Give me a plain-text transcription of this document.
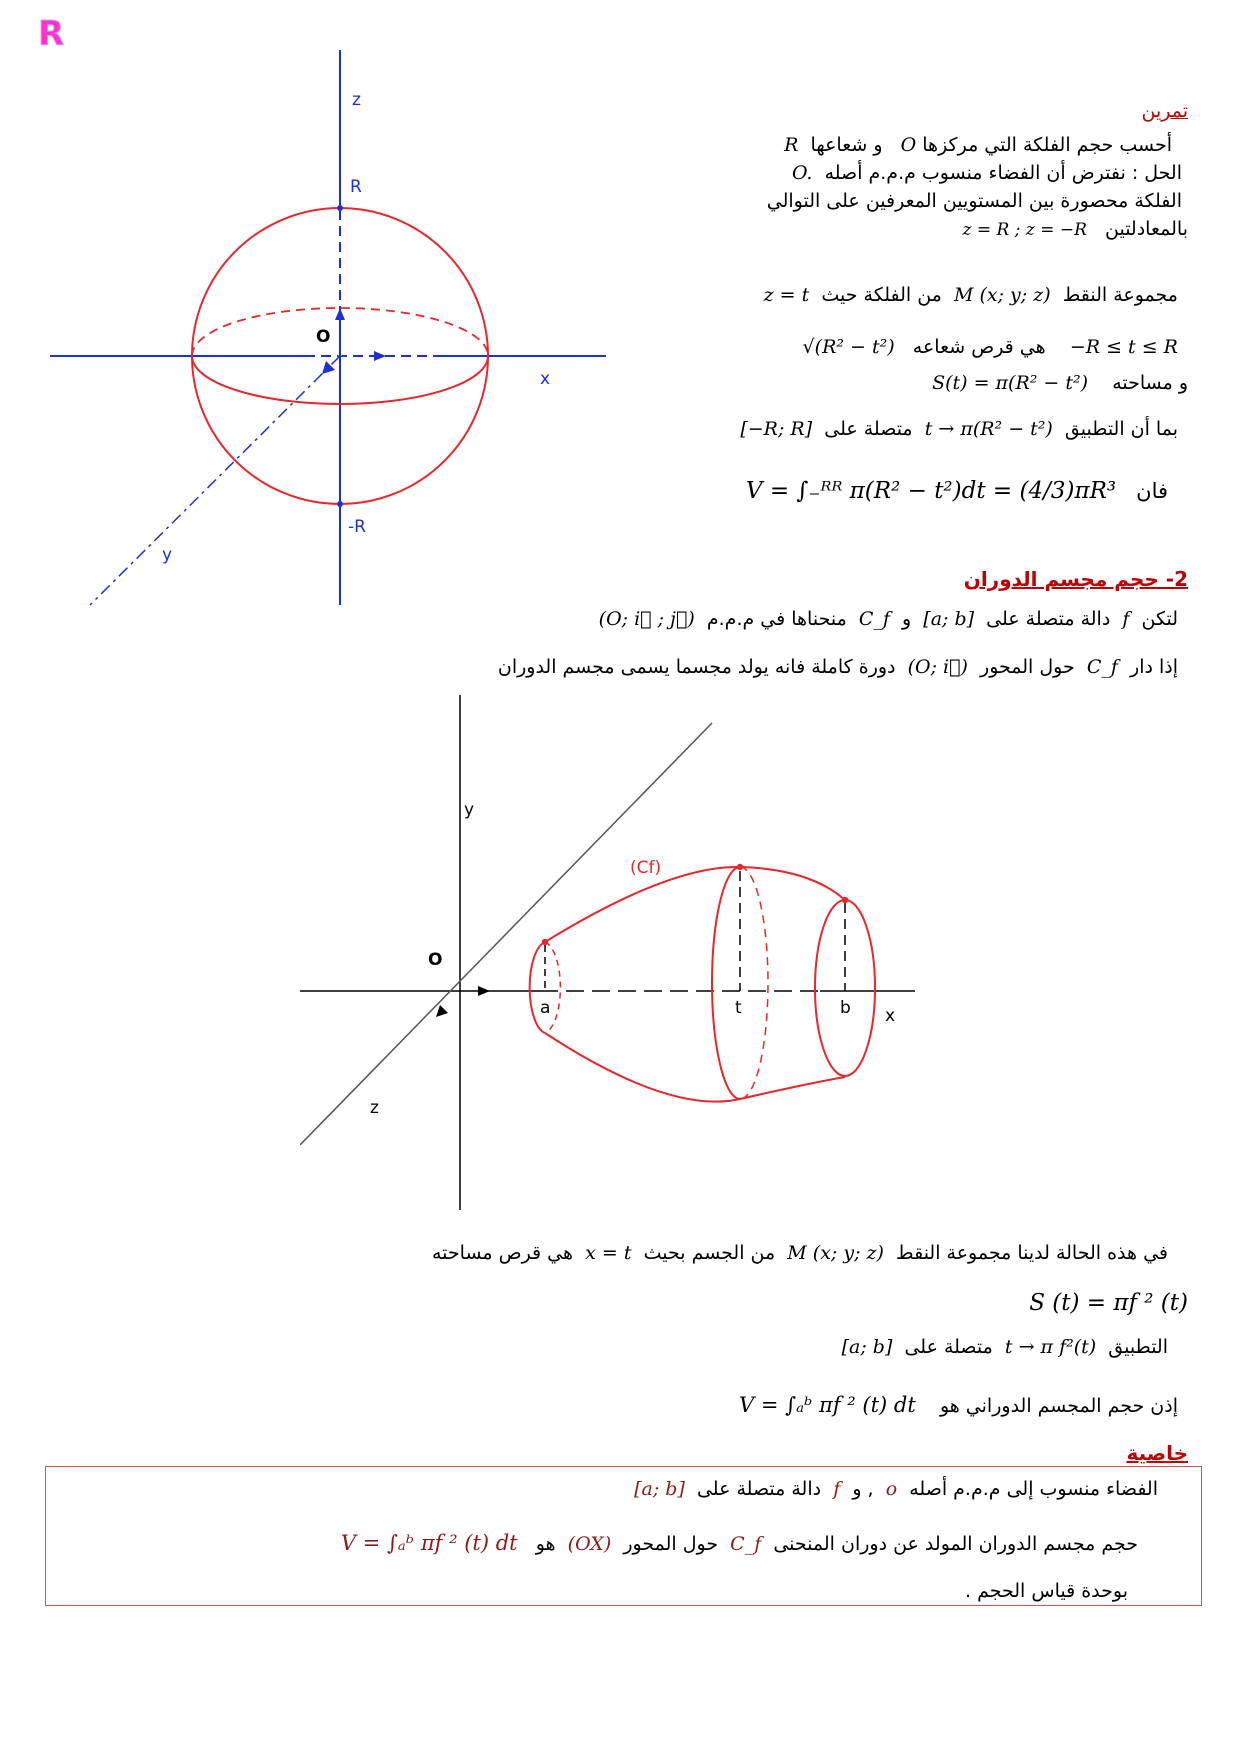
R
z
R
O
x
-R
y
تمرين
أحسب حجم الفلكة التي مركزها O   و شعاعها  R
الحل : نفترض أن الفضاء منسوب م.م.م أصله  O.
الفلكة محصورة بين المستويين المعرفين على التوالي
بالمعادلتين   z = R ; z = −R
مجموعة النقط  M (x; y; z)  من الفلكة حيث  z = t
−R ≤ t ≤ R    هي قرص شعاعه   √(R² − t²)
و مساحته    S(t) = π(R² − t²)
بما أن التطبيق  t → π(R² − t²)  متصلة على  [−R; R]
فان   V = ∫₋ᴿᴿ π(R² − t²)dt = (4/3)πR³
2- حجم مجسم الدوران
لتكن  f  دالة متصلة على  [a; b]  و  C_f  منحناها في م.م.م  (O; i⃗ ; j⃗)
إذا دار  C_f  حول المحور  (O; i⃗)  دورة كاملة فانه يولد مجسما يسمى مجسم الدوران
y
O
(Cf)
a	t	b x
z
في هذه الحالة لدينا مجموعة النقط  M (x; y; z)  من الجسم بحيث  x = t  هي قرص مساحته
S (t) = πf ² (t)
التطبيق  t → π f²(t)  متصلة على  [a; b]
إذن حجم المجسم الدوراني هو    V = ∫ₐᵇ πf ² (t) dt
خاصية
الفضاء منسوب إلى م.م.م أصله  o  , و  f  دالة متصلة على  [a; b]
حجم مجسم الدوران المولد عن دوران المنحنى  C_f  حول المحور  (OX)  هو   V = ∫ₐᵇ πf ² (t) dt
بوحدة قياس الحجم .
